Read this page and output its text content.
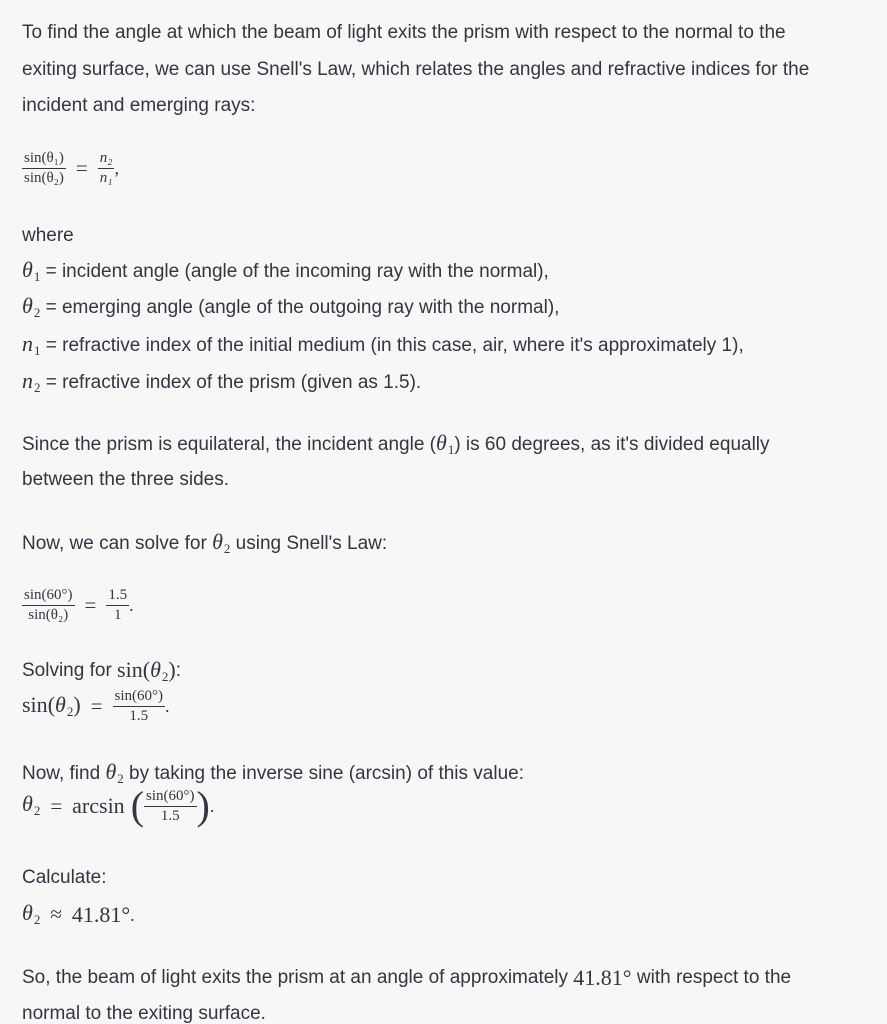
To find the angle at which the beam of light exits the prism with respect to the normal to the
exiting surface, we can use Snell's Law, which relates the angles and refractive indices for the
incident and emerging rays:
$\frac{\text{sin(θ₁)}}{\text{sin(θ₂)}} = \frac{\text{n₂}}{\text{n₁}}$ ,
where
$\theta_1$ = incident angle (angle of the incoming ray with the normal),
$\theta_2$ = emerging angle (angle of the outgoing ray with the normal),
$n_1$ = refractive index of the initial medium (in this case, air, where it's approximately 1),
$n_2$ = refractive index of the prism (given as 1.5).
Since the prism is equilateral, the incident angle $(\theta_1)$ is 60 degrees, as it's divided equally
between the three sides.
Now, we can solve for $\theta_2$ using Snell's Law:
$\frac{\sin(60^\circ)}{\text{sin(θ₂)}} = \frac{1.5}{1}$ .
Solving for $\sin(\theta_2)$:
$\sin(\theta_2) = \frac{\sin(60^\circ)}{1.5}$ .
Now, find $\theta_2$ by taking the inverse sine (arcsin) of this value:
$\theta_2 = \arcsin$ ( $\frac{\sin(60^\circ)}{1.5}$ ).
Calculate:
$\theta_2 \approx 41.81^\circ$.
So, the beam of light exits the prism at an angle of approximately 41.81° with respect to the
normal to the exiting surface.
